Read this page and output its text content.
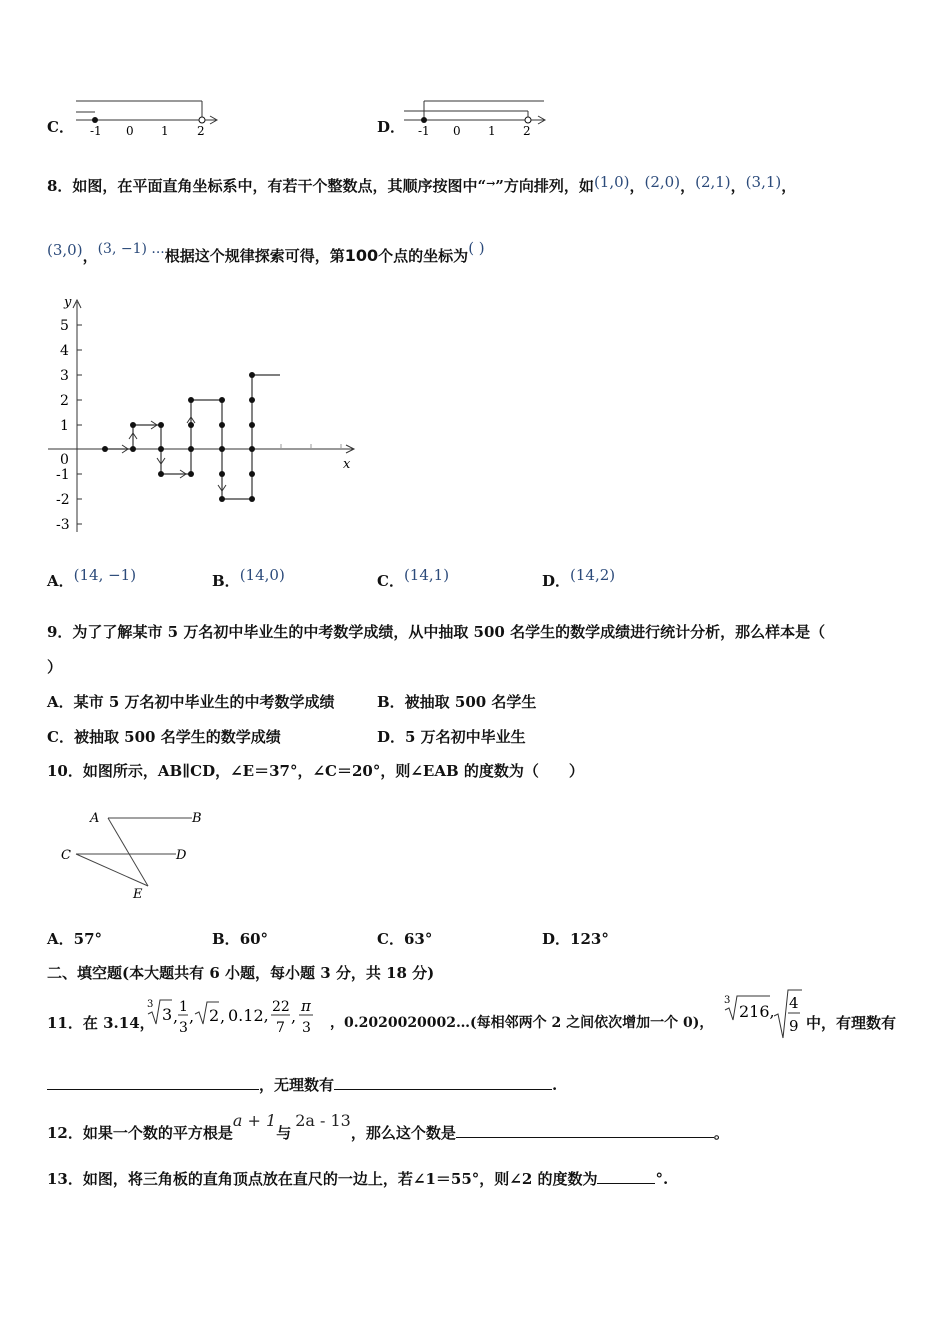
C． -1 0 1 2	D． -1 0 1 2
8．如图，在平面直角坐标系中，有若干个整数点，其顺序按图中“→”方向排列，如(1,0)，(2,0)，(2,1)，(3,1)，
(3,0)，(3, −1) ...根据这个规律探索可得，第100个点的坐标为( )
y
x
0
5
4
3
2
1
-1
-2
-3
A．(14, −1)	B．(14,0)	C．(14,1)	D．(14,2)
9．为了了解某市 5 万名初中毕业生的中考数学成绩，从中抽取 500 名学生的数学成绩进行统计分析，那么样本是（
）
A．某市 5 万名初中毕业生的中考数学成绩	B．被抽取 500 名学生
C．被抽取 500 名学生的数学成绩	D．5 万名初中毕业生
10．如图所示，AB∥CD，∠E＝37°，∠C＝20°，则∠EAB 的度数为（　　）
A	B
C	D
E
A．57°	B．60°	C．63°	D．123°
二、填空题(本大题共有 6 小题，每小题 3 分，共 18 分)
11．在 3.14，
3
3 , 1
3
, 2 , 0.12, 22
7
,
π
3 ，0.2020020002…(每相邻两个 2 之间依次增加一个 0)，
3
216, 4
9 中，有理数有
，无理数有	.
12．如果一个数的平方根是a + 1与2a - 13，那么这个数是	。
13．如图，将三角板的直角顶点放在直尺的一边上，若∠1＝55°，则∠2 的度数为	°.
